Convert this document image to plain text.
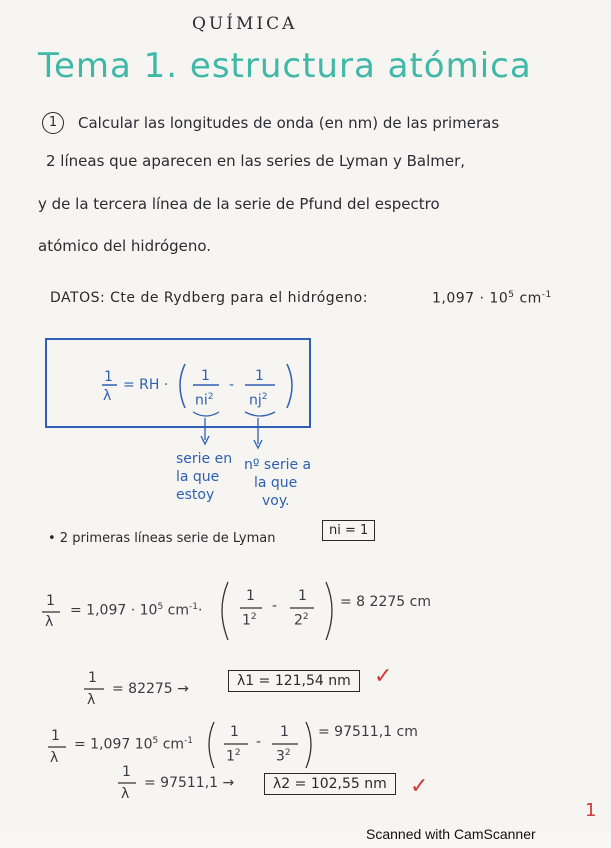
QUÍMICA
Tema 1. estructura atómica
1	Calcular las longitudes de onda (en nm) de las primeras
2 líneas que aparecen en las series de Lyman y Balmer,
y de la tercera línea de la serie de Pfund del espectro
atómico del hidrógeno.
DATOS: Cte de Rydberg para el hidrógeno:	$1,097 \cdot 10^5$ $cm^{-1}$
1
λ
= RH ·
1
$ni^2$
-
1
$nj^2$
serie en
la que
estoy
nº serie a
la que
voy.
• 2 primeras líneas serie de Lyman
ni = 1
1
λ
= $1,097 \cdot 10^5$ $cm^{-1}\cdot$
1
$1^2$
-
1
$2^2$
= 8 2275 cm
1
λ
= 82275 →	λ1 = 121,54 nm	✓
1
λ
= 1,097 $10^5$ $cm^{-1}$
1
$1^2$
-
1
$3^2$
= 97511,1 cm
1
λ
= 97511,1 →	λ2 = 102,55 nm	✓
1
Scanned with CamScanner
